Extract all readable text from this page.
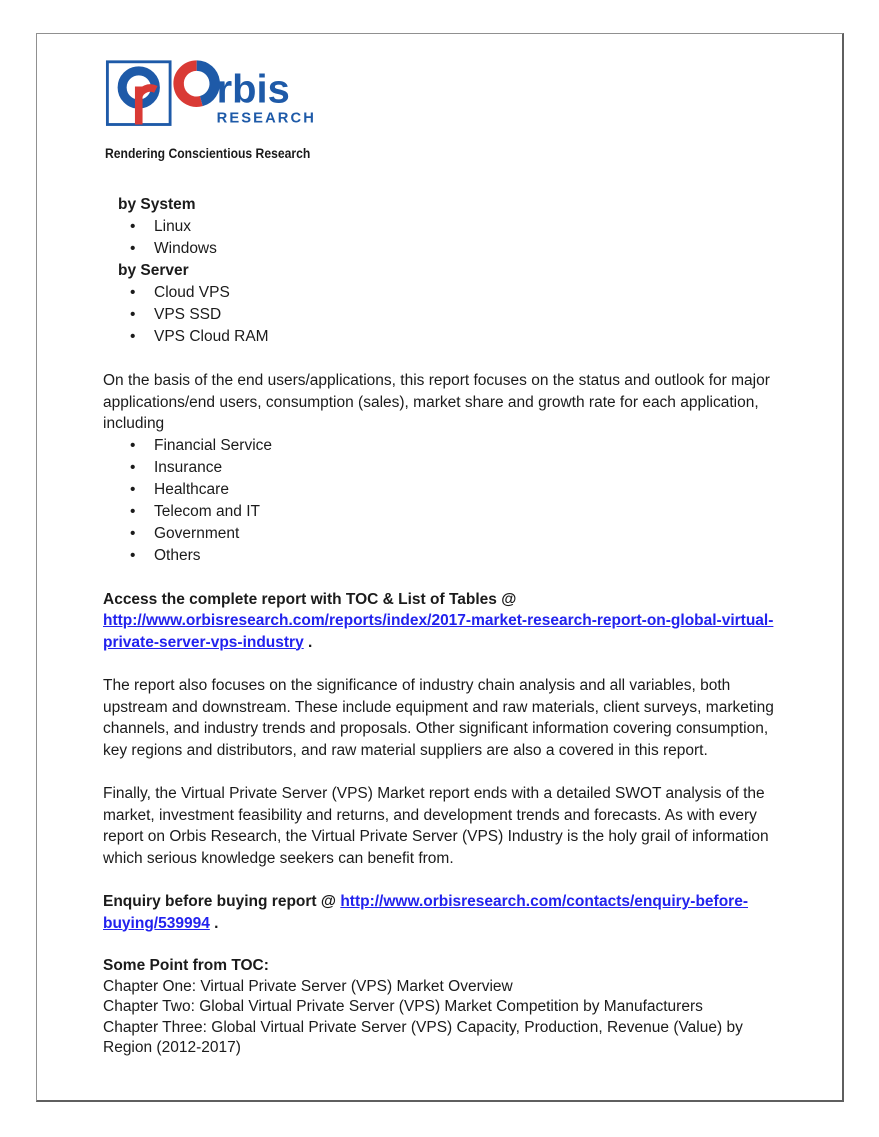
rbis
RESEARCH
Rendering Conscientious Research
by System
•	Linux
•	Windows
by Server
•	Cloud VPS
•	VPS SSD
•	VPS Cloud RAM

On the basis of the end users/applications, this report focuses on the status and outlook for major applications/end users, consumption (sales), market share and growth rate for each application, including

•	Financial Service
•	Insurance
•	Healthcare
•	Telecom and IT
•	Government
•	Others

Access the complete report with TOC & List of Tables @

http://www.orbisresearch.com/reports/index/2017-market-research-report-on-global-virtual-private-server-vps-industry .

The report also focuses on the significance of industry chain analysis and all variables, both upstream and downstream. These include equipment and raw materials, client surveys, marketing channels, and industry trends and proposals. Other significant information covering consumption, key regions and distributors, and raw material suppliers are also a covered in this report.

Finally, the Virtual Private Server (VPS) Market report ends with a detailed SWOT analysis of the market, investment feasibility and returns, and development trends and forecasts. As with every report on Orbis Research, the Virtual Private Server (VPS) Industry is the holy grail of information which serious knowledge seekers can benefit from.

Enquiry before buying report @ http://www.orbisresearch.com/contacts/enquiry-before-buying/539994 .

Some Point from TOC:
Chapter One: Virtual Private Server (VPS) Market Overview
Chapter Two: Global Virtual Private Server (VPS) Market Competition by Manufacturers
Chapter Three: Global Virtual Private Server (VPS) Capacity, Production, Revenue (Value) by Region (2012-2017)
